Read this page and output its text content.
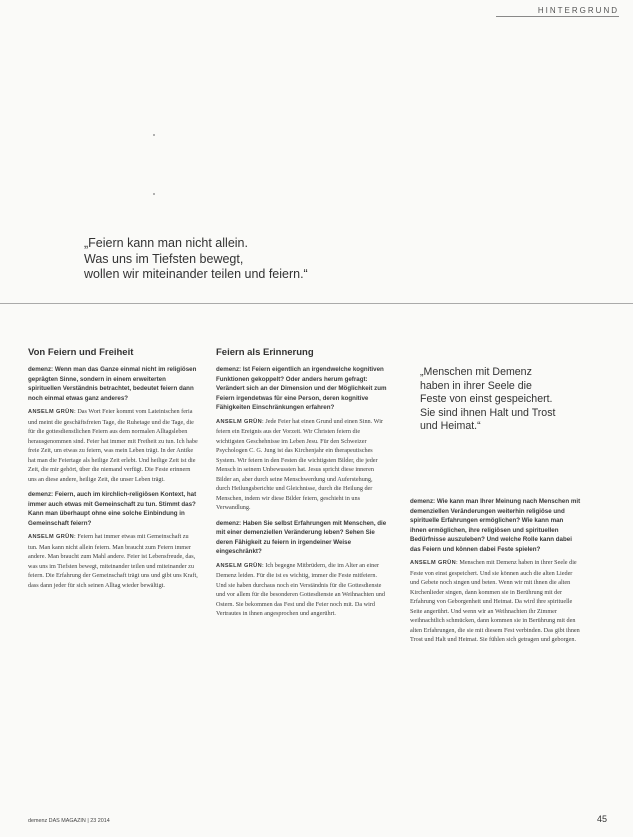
HINTERGRUND
„Feiern kann man nicht allein.
Was uns im Tiefsten bewegt,
wollen wir miteinander teilen und feiern.“
Von Feiern und Freiheit

demenz: Wenn man das Ganze einmal nicht im religiösen geprägten Sinne, sondern in einem erweiterten spirituellen Verständnis betrachtet, bedeutet feiern dann noch einmal etwas ganz anderes?

ANSELM GRÜN: Das Wort Feier kommt vom Lateinischen feria und meint die geschäftsfreien Tage, die Ruhetage und die Tage, die für die gottesdienstlichen Feiern aus dem normalen Alltagsleben herausgenommen sind. Feier hat immer mit Freiheit zu tun. Ich habe freie Zeit, um etwas zu feiern, was mein Leben trägt. In der Antike hat man die Feiertage als heilige Zeit erlebt. Und heilige Zeit ist die Zeit, die mir gehört, über die niemand verfügt. Die Feste erinnern uns an diese andere, heilige Zeit, die unser Leben trägt.

demenz: Feiern, auch im kirchlich-religiösen Kontext, hat immer auch etwas mit Gemeinschaft zu tun. Stimmt das? Kann man überhaupt ohne eine solche Einbindung in Gemeinschaft feiern?

ANSELM GRÜN: Feiern hat immer etwas mit Gemeinschaft zu tun. Man kann nicht allein feiern. Man braucht zum Feiern immer andere. Man braucht zum Mahl andere. Feier ist Lebensfreude, das, was uns im Tiefsten bewegt, miteinander teilen und miteinander zu feiern. Die Erfahrung der Gemeinschaft trägt uns und gibt uns Kraft, dass dann jeder für sich seinen Alltag wieder bewältigt.

Feiern als Erinnerung

demenz: Ist Feiern eigentlich an irgendwelche kognitiven Funktionen gekoppelt? Oder anders herum gefragt: Verändert sich an der Dimension und der Möglichkeit zum Feiern irgendetwas für eine Person, deren kognitive Fähigkeiten Einschränkungen erfahren?

ANSELM GRÜN: Jede Feier hat einen Grund und einen Sinn. Wir feiern ein Ereignis aus der Vorzeit. Wir Christen feiern die wichtigsten Geschehnisse im Leben Jesu. Für den Schweizer Psychologen C. G. Jung ist das Kirchenjahr ein therapeutisches System. Wir feiern in den Festen die wichtigsten Bilder, die jeder Mensch in seinem Unbewussten hat. Jesus spricht diese inneren Bilder an, aber durch seine Menschwerdung und Auferstehung, durch Heilungsberichte und Gleichnisse, durch die Heilung der Menschen, indem wir diese Bilder feiern, geschieht in uns Verwandlung.

demenz: Haben Sie selbst Erfahrungen mit Menschen, die mit einer demenziellen Veränderung leben? Sehen Sie deren Fähigkeit zu feiern in irgendeiner Weise eingeschränkt?

ANSELM GRÜN: Ich begegne Mitbrüdern, die im Alter an einer Demenz leiden. Für die ist es wichtig, immer die Feste mitfeiern. Und sie haben durchaus noch ein Verständnis für die Gottesdienste und vor allem für die besonderen Gottesdienste an Weihnachten und Ostern. Sie bekommen das Fest und die Feier noch mit. Da wird Vertrautes in ihnen angesprochen und angerührt.

„Menschen mit Demenz
haben in ihrer Seele die
Feste von einst gespeichert.
Sie sind ihnen Halt und Trost
und Heimat.“

demenz: Wie kann man Ihrer Meinung nach Menschen mit demenziellen Veränderungen weiterhin religiöse und spirituelle Erfahrungen ermöglichen? Wie kann man ihnen ermöglichen, ihre religiösen und spirituellen Bedürfnisse auszuleben? Und welche Rolle kann dabei das Feiern und können dabei Feste spielen?

ANSELM GRÜN: Menschen mit Demenz haben in ihrer Seele die Feste von einst gespeichert. Und sie können auch die alten Lieder und Gebete noch singen und beten. Wenn wir mit ihnen die alten Kirchenlieder singen, dann kommen sie in Berührung mit der Erfahrung von Geborgenheit und Heimat. Da wird ihre spirituelle Seite angerührt. Und wenn wir an Weihnachten ihr Zimmer weihnachtlich schmücken, dann kommen sie in Berührung mit den alten Erfahrungen, die sie mit diesem Fest verbinden. Das gibt ihnen Trost und Halt und Heimat. Sie fühlen sich getragen und geborgen.

demenz DAS MAGAZIN | 23 2014	45
